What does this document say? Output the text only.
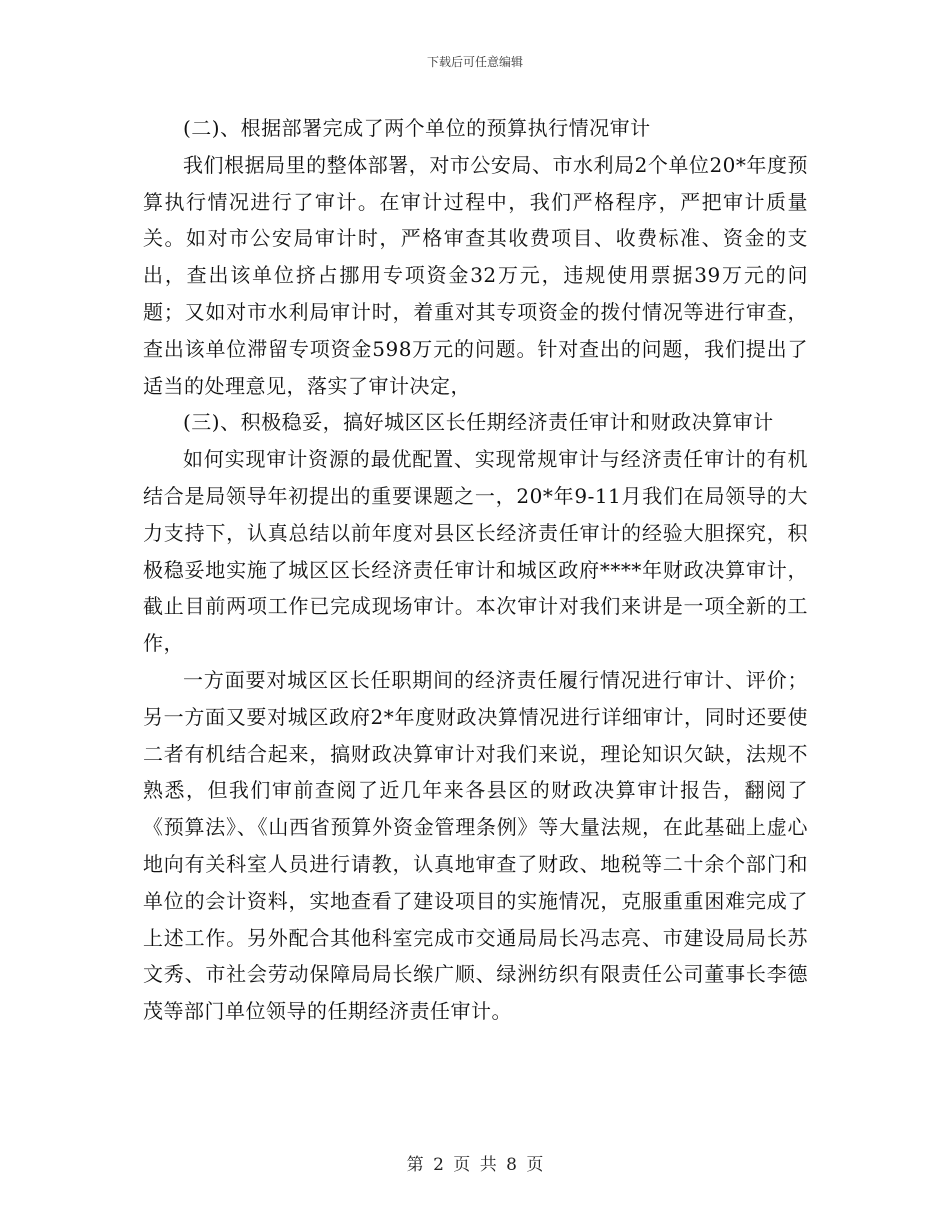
下载后可任意编辑

(二)、根据部署完成了两个单位的预算执行情况审计

我们根据局里的整体部署，对市公安局、市水利局2个单位20*年度预算执行情况进行了审计。在审计过程中，我们严格程序，严把审计质量关。如对市公安局审计时，严格审查其收费项目、收费标准、资金的支出，查出该单位挤占挪用专项资金32万元，违规使用票据39万元的问题；又如对市水利局审计时，着重对其专项资金的拨付情况等进行审查，查出该单位滞留专项资金598万元的问题。针对查出的问题，我们提出了适当的处理意见，落实了审计决定，

(三)、积极稳妥，搞好城区区长任期经济责任审计和财政决算审计

如何实现审计资源的最优配置、实现常规审计与经济责任审计的有机结合是局领导年初提出的重要课题之一，20*年9-11月我们在局领导的大力支持下，认真总结以前年度对县区长经济责任审计的经验大胆探究，积极稳妥地实施了城区区长经济责任审计和城区政府****年财政决算审计，截止目前两项工作已完成现场审计。本次审计对我们来讲是一项全新的工作，

一方面要对城区区长任职期间的经济责任履行情况进行审计、评价；另一方面又要对城区政府2*年度财政决算情况进行详细审计，同时还要使二者有机结合起来，搞财政决算审计对我们来说，理论知识欠缺，法规不熟悉，但我们审前查阅了近几年来各县区的财政决算审计报告，翻阅了《预算法》、《山西省预算外资金管理条例》等大量法规，在此基础上虚心地向有关科室人员进行请教，认真地审查了财政、地税等二十余个部门和单位的会计资料，实地查看了建设项目的实施情况，克服重重困难完成了上述工作。另外配合其他科室完成市交通局局长冯志亮、市建设局局长苏文秀、市社会劳动保障局局长缑广顺、绿洲纺织有限责任公司董事长李德茂等部门单位领导的任期经济责任审计。

第 2 页 共 8 页
